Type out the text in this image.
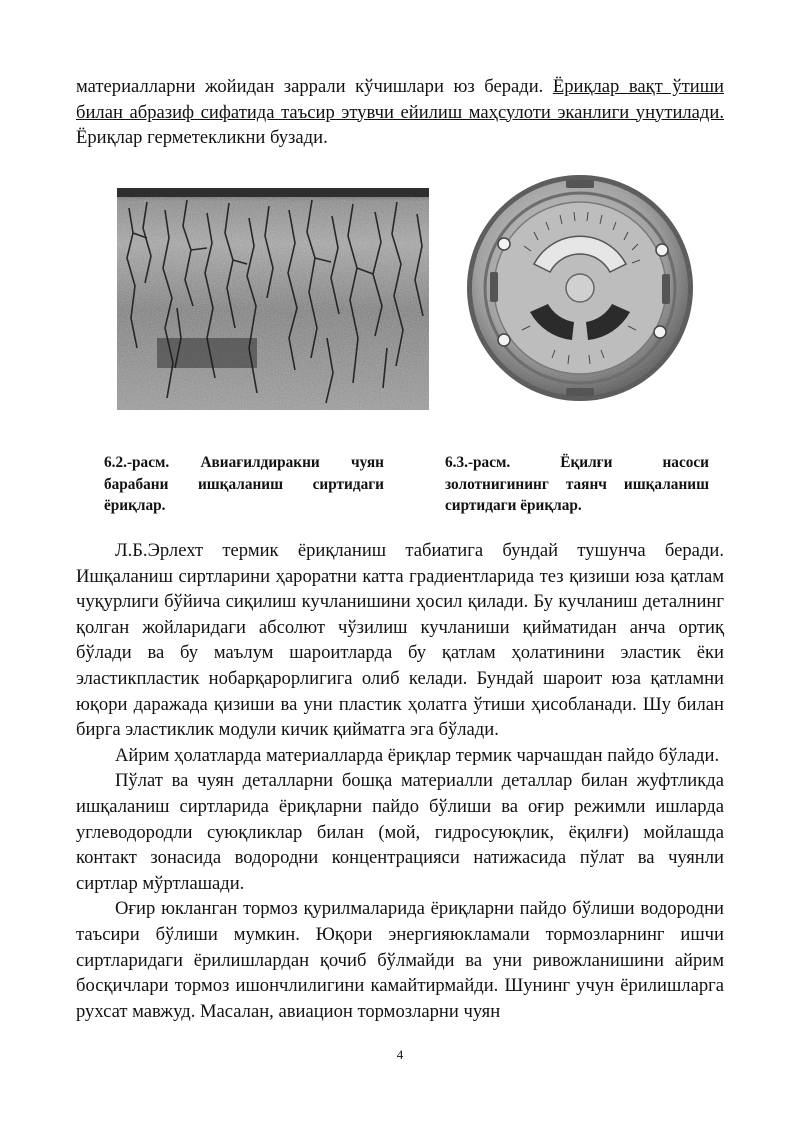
материалларни жойидан заррали кўчишлари юз беради. Ёриқлар вақт ўтиши билан абразиф сифатида таъсир этувчи ейилиш маҳсулоти эканлиги унутилади. Ёриқлар герметекликни бузади.

6.2.-расм. Авиағилдиракни чуян барабани ишқаланиш сиртидаги ёриқлар.

6.3.-расм. Ёқилғи насоси золотнигининг таянч ишқаланиш сиртидаги ёриқлар.

Л.Б.Эрлехт термик ёриқланиш табиатига бундай тушунча беради. Ишқаланиш сиртларини ҳароратни катта градиентларида тез қизиши юза қатлам чуқурлиги бўйича сиқилиш кучланишини ҳосил қилади. Бу кучланиш деталнинг қолган жойларидаги абсолют чўзилиш кучланиши қийматидан анча ортиқ бўлади ва бу маълум шароитларда бу қатлам ҳолатинини эластик ёки эластикпластик нобарқарорлигига олиб келади. Бундай шароит юза қатламни юқори даражада қизиши ва уни пластик ҳолатга ўтиши ҳисобланади. Шу билан бирга эластиклик модули кичик қийматга эга бўлади.

Айрим ҳолатларда материалларда ёриқлар термик чарчашдан пайдо бўлади.

Пўлат ва чуян деталларни бошқа материалли деталлар билан жуфтликда ишқаланиш сиртларида ёриқларни пайдо бўлиши ва оғир режимли ишларда углеводородли суюқликлар билан (мой, гидросуюқлик, ёқилғи) мойлашда контакт зонасида водородни концентрацияси натижасида пўлат ва чуянли сиртлар мўртлашади.

Оғир юкланган тормоз қурилмаларида ёриқларни пайдо бўлиши водородни таъсири бўлиши мумкин. Юқори энергияюкламали тормозларнинг ишчи сиртларидаги ёрилишлардан қочиб бўлмайди ва уни ривожланишини айрим босқичлари тормоз ишончлилигини камайтирмайди. Шунинг учун ёрилишларга рухсат мавжуд. Масалан, авиацион тормозларни чуян

4
